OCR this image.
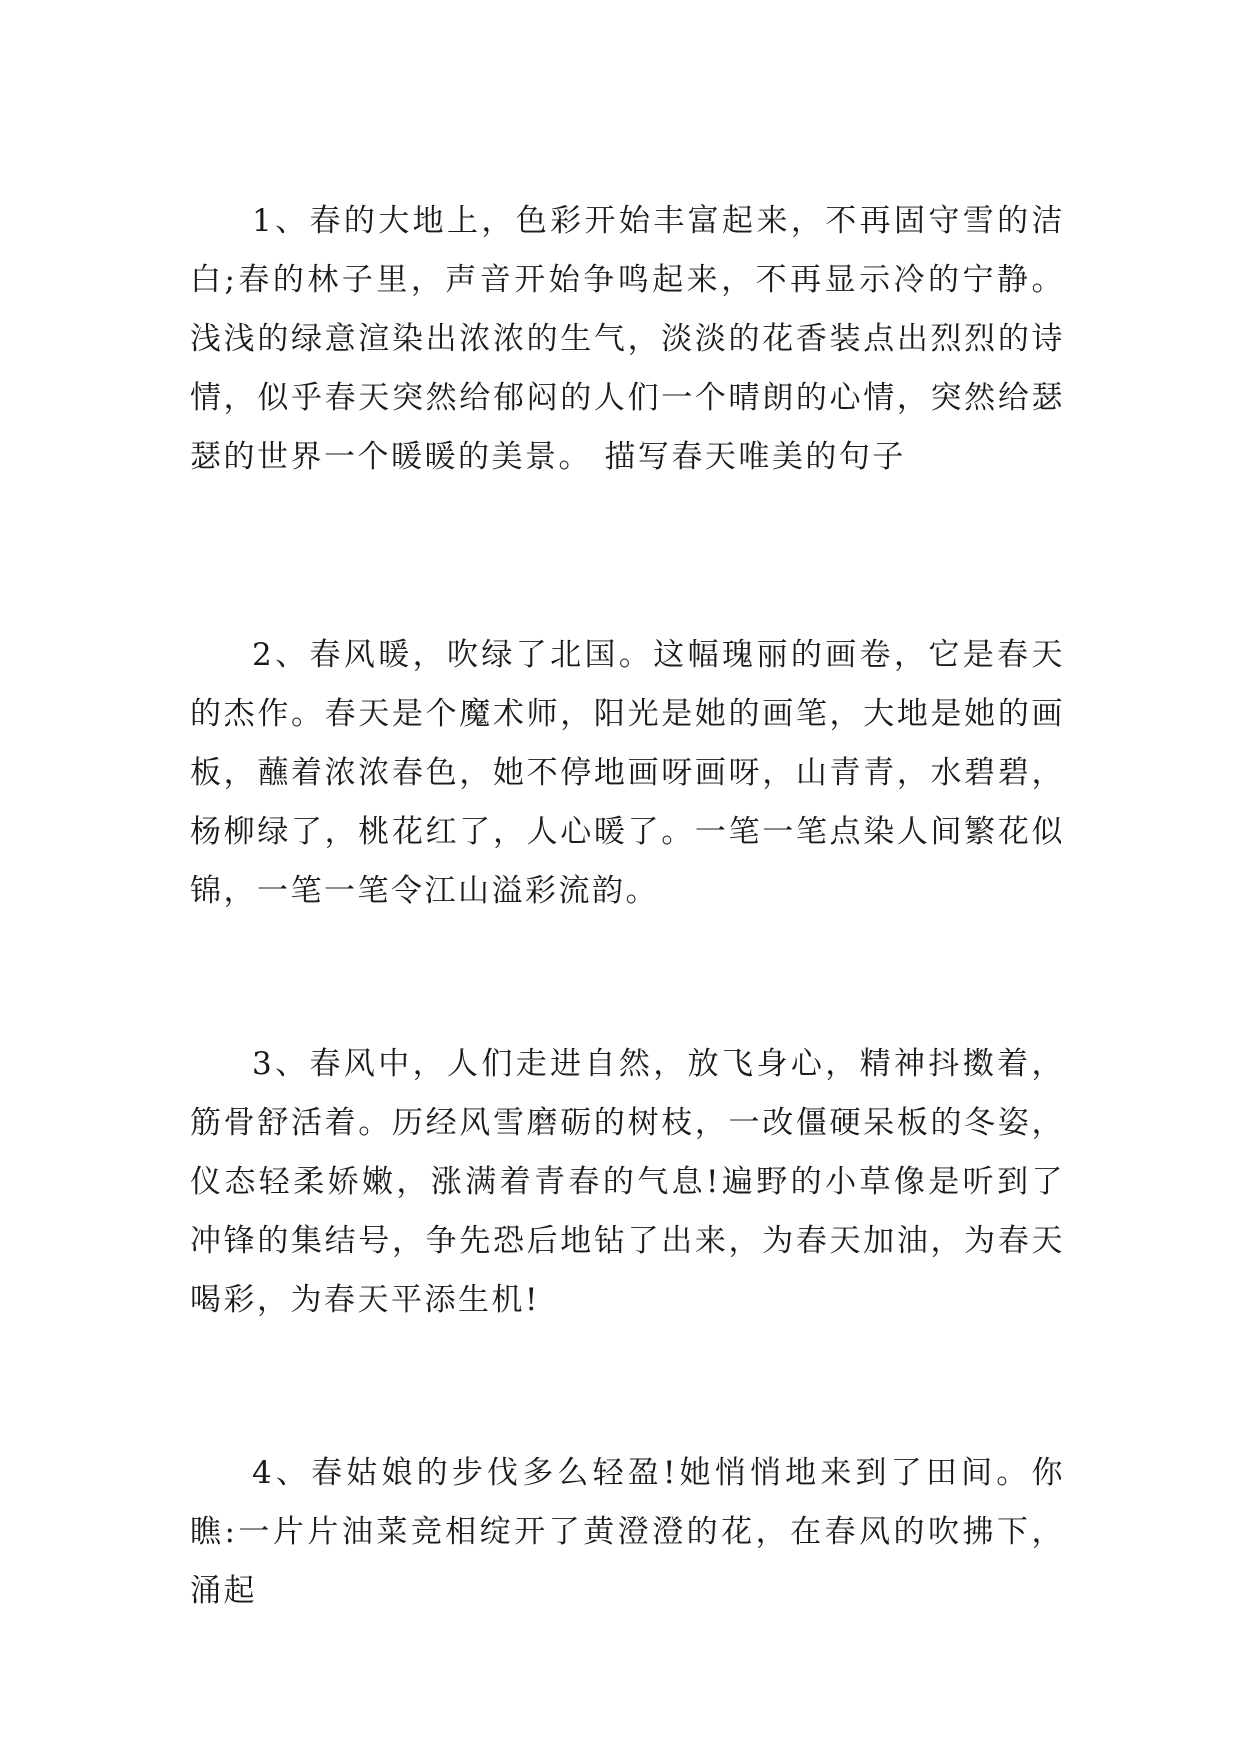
1、春的大地上，色彩开始丰富起来，不再固守雪的洁白;春的林子里，声音开始争鸣起来，不再显示冷的宁静。浅浅的绿意渲染出浓浓的生气，淡淡的花香装点出烈烈的诗情，似乎春天突然给郁闷的人们一个晴朗的心情，突然给瑟瑟的世界一个暖暖的美景。 描写春天唯美的句子

2、春风暖，吹绿了北国。这幅瑰丽的画卷，它是春天的杰作。春天是个魔术师，阳光是她的画笔，大地是她的画板，蘸着浓浓春色，她不停地画呀画呀，山青青，水碧碧，杨柳绿了，桃花红了，人心暖了。一笔一笔点染人间繁花似锦，一笔一笔令江山溢彩流韵。

3、春风中，人们走进自然，放飞身心，精神抖擞着，筋骨舒活着。历经风雪磨砺的树枝，一改僵硬呆板的冬姿，仪态轻柔娇嫩，涨满着青春的气息!遍野的小草像是听到了冲锋的集结号，争先恐后地钻了出来，为春天加油，为春天喝彩，为春天平添生机!

4、春姑娘的步伐多么轻盈!她悄悄地来到了田间。你瞧:一片片油菜竞相绽开了黄澄澄的花，在春风的吹拂下，涌起
